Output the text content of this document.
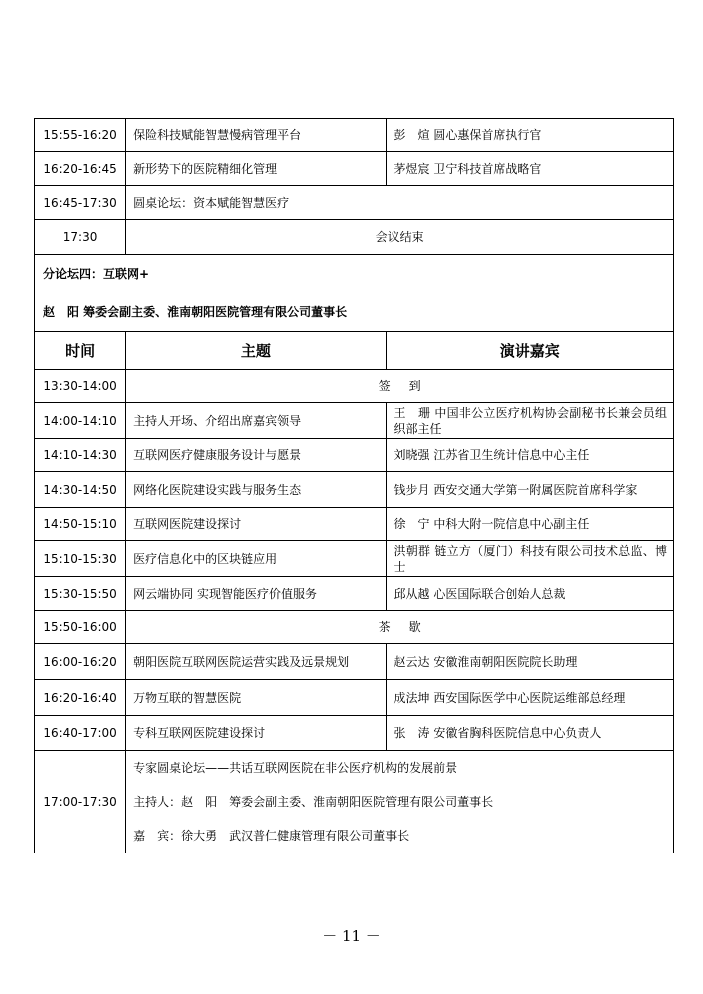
15:55-16:20	保险科技赋能智慧慢病管理平台	彭　煊 圆心惠保首席执行官
16:20-16:45	新形势下的医院精细化管理	茅煜宸 卫宁科技首席战略官
16:45-17:30	圆桌论坛：资本赋能智慧医疗	
17:30	会议结束	

分论坛四：互联网+
赵　阳 筹委会副主委、淮南朝阳医院管理有限公司董事长		

时间	主题	演讲嘉宾
13:30-14:00	签到	
14:00-14:10	主持人开场、介绍出席嘉宾领导	王　珊 中国非公立医疗机构协会副秘书长兼会员组织部主任
14:10-14:30	互联网医疗健康服务设计与愿景	刘晓强 江苏省卫生统计信息中心主任
14:30-14:50	网络化医院建设实践与服务生态	钱步月 西安交通大学第一附属医院首席科学家
14:50-15:10	互联网医院建设探讨	徐　宁 中科大附一院信息中心副主任
15:10-15:30	医疗信息化中的区块链应用	洪朝群 链立方（厦门）科技有限公司技术总监、博士
15:30-15:50	网云端协同 实现智能医疗价值服务	邱从越 心医国际联合创始人总裁
15:50-16:00	茶歇	
16:00-16:20	朝阳医院互联网医院运营实践及远景规划	赵云达 安徽淮南朝阳医院院长助理
16:20-16:40	万物互联的智慧医院	成法坤 西安国际医学中心医院运维部总经理
16:40-17:00	专科互联网医院建设探讨	张　涛 安徽省胸科医院信息中心负责人
17:00-17:30	专家圆桌论坛——共话互联网医院在非公医疗机构的发展前景
主持人：赵　阳　筹委会副主委、淮南朝阳医院管理有限公司董事长
嘉　宾：徐大勇　武汉普仁健康管理有限公司董事长	
－ 11 －
